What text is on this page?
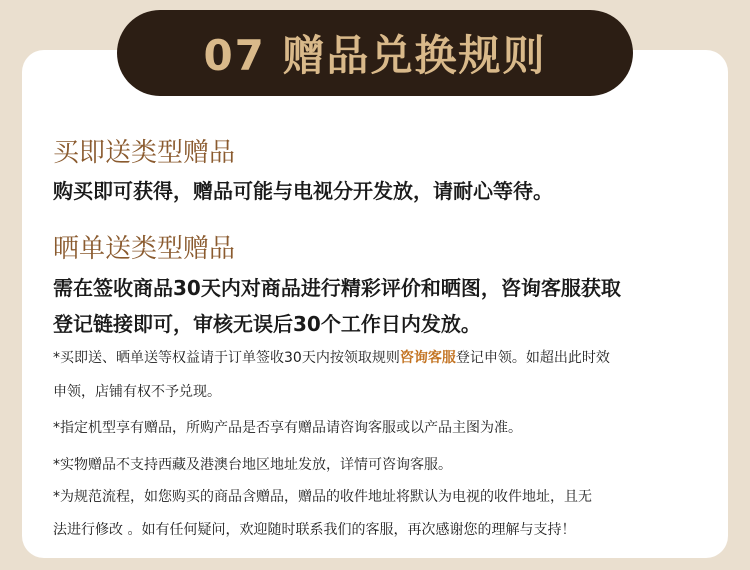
07 赠品兑换规则
买即送类型赠品
购买即可获得，赠品可能与电视分开发放，请耐心等待。
晒单送类型赠品
需在签收商品30天内对商品进行精彩评价和晒图，咨询客服获取
登记链接即可，审核无误后30个工作日内发放。
*买即送、晒单送等权益请于订单签收30天内按领取规则咨询客服登记申领。如超出此时效
申领，店铺有权不予兑现。
*指定机型享有赠品，所购产品是否享有赠品请咨询客服或以产品主图为准。
*实物赠品不支持西藏及港澳台地区地址发放，详情可咨询客服。
*为规范流程，如您购买的商品含赠品，赠品的收件地址将默认为电视的收件地址，且无
法进行修改 。如有任何疑问，欢迎随时联系我们的客服，再次感谢您的理解与支持！
